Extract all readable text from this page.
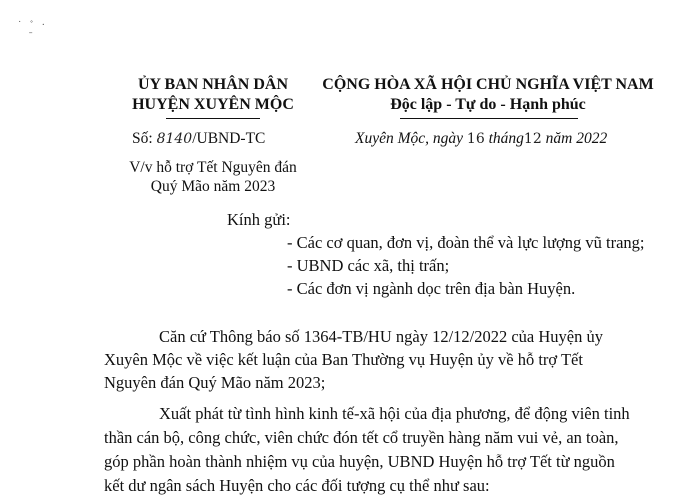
˙ ˚ ·
ˉ
ỦY BAN NHÂN DÂN
HUYỆN XUYÊN MỘC
Số: 8140/UBND-TC
V/v hỗ trợ Tết Nguyên đán
Quý Mão năm 2023
CỘNG HÒA XÃ HỘI CHỦ NGHĨA VIỆT NAM
Độc lập - Tự do - Hạnh phúc
Xuyên Mộc, ngày 16 tháng12 năm 2022
Kính gửi:
- Các cơ quan, đơn vị, đoàn thể và lực lượng vũ trang;
- UBND các xã, thị trấn;
- Các đơn vị ngành dọc trên địa bàn Huyện.
Căn cứ Thông báo số 1364-TB/HU ngày 12/12/2022 của Huyện ủy
Xuyên Mộc về việc kết luận của Ban Thường vụ Huyện ủy về hỗ trợ Tết
Nguyên đán Quý Mão năm 2023;
Xuất phát từ tình hình kinh tế-xã hội của địa phương, để động viên tinh
thần cán bộ, công chức, viên chức đón tết cổ truyền hàng năm vui vẻ, an toàn,
góp phần hoàn thành nhiệm vụ của huyện, UBND Huyện hỗ trợ Tết từ nguồn
kết dư ngân sách Huyện cho các đối tượng cụ thể như sau:
